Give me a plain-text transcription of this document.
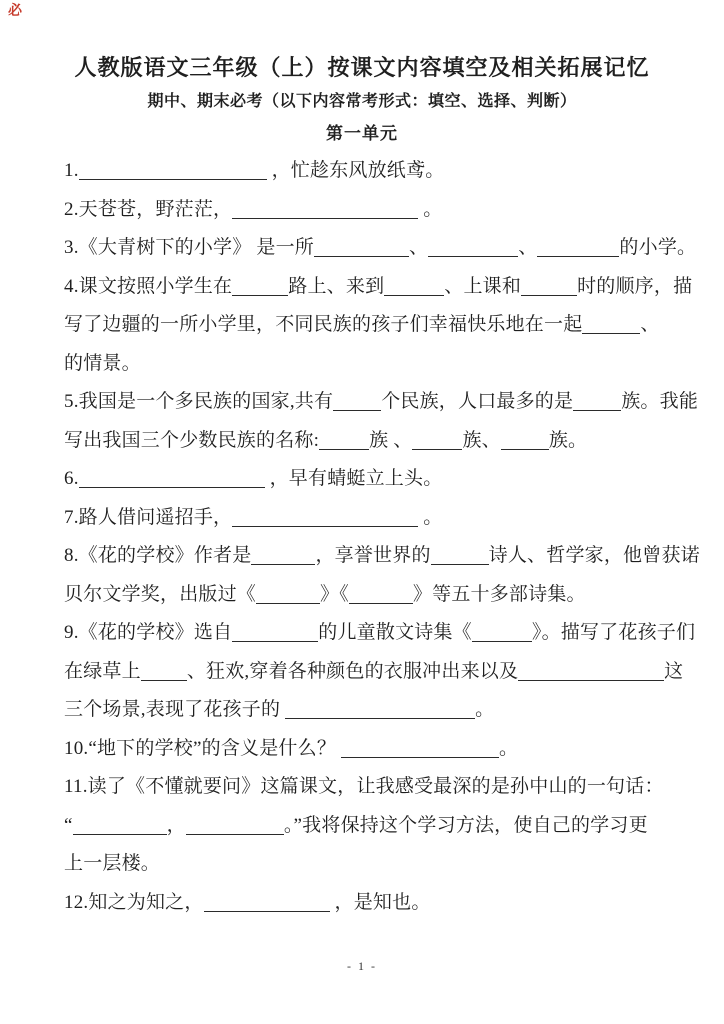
必
人教版语文三年级（上）按课文内容填空及相关拓展记忆
期中、期末必考（以下内容常考形式：填空、选择、判断）
第一单元
1.	，忙趁东风放纸鸢。
2.天苍苍，野茫茫，	。
3.《大青树下的小学》 是一所	、	、	的小学。
4.课文按照小学生在	路上、来到	、上课和	时的顺序，描
写了边疆的一所小学里，不同民族的孩子们幸福快乐地在一起	、
的情景。
5.我国是一个多民族的国家,共有	个民族，人口最多的是	族。我能
写出我国三个少数民族的名称:	族 、	族、	族。
6.	，早有蜻蜓立上头。
7.路人借问遥招手，	。
8.《花的学校》作者是	，享誉世界的	诗人、哲学家，他曾获诺
贝尔文学奖，出版过《	》《	》等五十多部诗集。
9.《花的学校》选自	的儿童散文诗集《	》。描写了花孩子们
在绿草上 、狂欢,穿着各种颜色的衣服冲出来以及	这
三个场景,表现了花孩子的	。
10.“地下的学校”的含义是什么？	。
11.读了《不懂就要问》这篇课文，让我感受最深的是孙中山的一句话：
“	，	。”我将保持这个学习方法，使自己的学习更
上一层楼。
12.知之为知之，	，是知也。
- 1 -
